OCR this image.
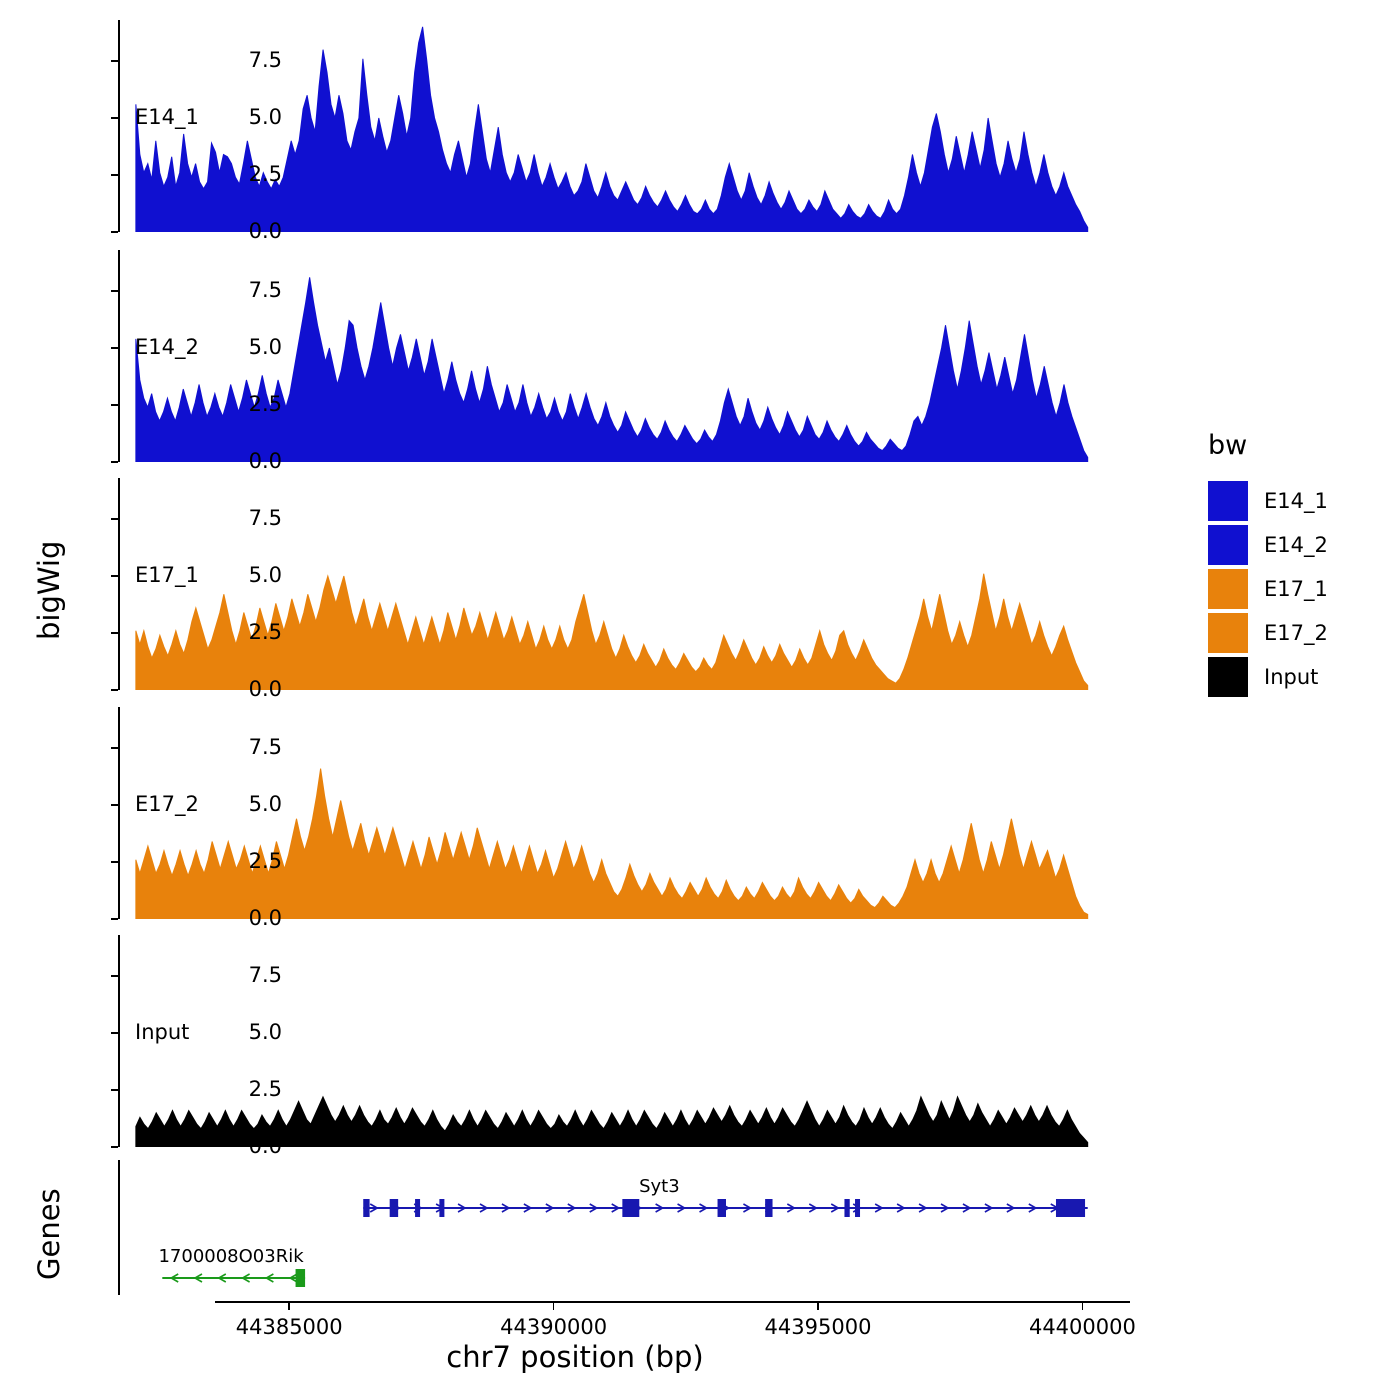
bigWig
Genes
44385000	44390000	44395000	44400000
chr7 position (bp)
bw
E14_1
E14_2
E17_1
E17_2
Input
0.0
2.5
5.0
7.5
E14_1
0.0
2.5
5.0
7.5
E14_2
0.0
2.5
5.0
7.5
E17_1
0.0
2.5
5.0
7.5
E17_2
0.0
2.5
5.0
7.5
Input
Syt3
1700008O03Rik
